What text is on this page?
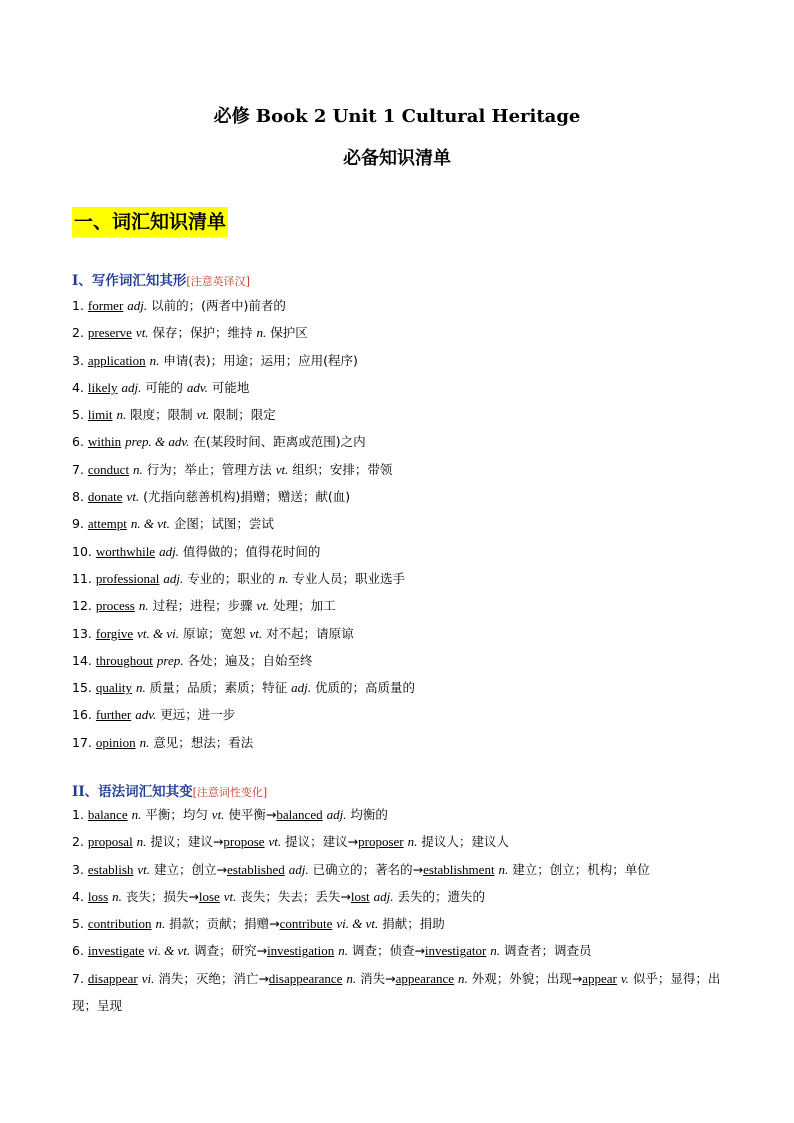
必修 Book 2 Unit 1 Cultural Heritage
必备知识清单
一、词汇知识清单
I、写作词汇知其形[注意英译汉]
1. former adj. 以前的；(两者中)前者的
2. preserve vt. 保存；保护；维持 n. 保护区
3. application n. 申请(表)；用途；运用；应用(程序)
4. likely adj. 可能的 adv. 可能地
5. limit n. 限度；限制 vt. 限制；限定
6. within prep. & adv. 在(某段时间、距离或范围)之内
7. conduct n. 行为；举止；管理方法 vt. 组织；安排；带领
8. donate vt. (尤指向慈善机构)捐赠；赠送；献(血)
9. attempt n. & vt. 企图；试图；尝试
10. worthwhile adj. 值得做的；值得花时间的
11. professional adj. 专业的；职业的 n. 专业人员；职业选手
12. process n. 过程；进程；步骤 vt. 处理；加工
13. forgive vt. & vi. 原谅；宽恕 vt. 对不起；请原谅
14. throughout prep. 各处；遍及；自始至终
15. quality n. 质量；品质；素质；特征 adj. 优质的；高质量的
16. further adv. 更远；进一步
17. opinion n. 意见；想法；看法
II、语法词汇知其变[注意词性变化]
1. balance n. 平衡；均匀 vt. 使平衡→balanced adj. 均衡的
2. proposal n. 提议；建议→propose vt. 提议；建议→proposer n. 提议人；建议人
3. establish vt. 建立；创立→established adj. 已确立的；著名的→establishment n. 建立；创立；机构；单位
4. loss n. 丧失；损失→lose vt. 丧失；失去；丢失→lost adj. 丢失的；遗失的
5. contribution n. 捐款；贡献；捐赠→contribute vi. & vt. 捐献；捐助
6. investigate vi. & vt. 调查；研究→investigation n. 调查；侦查→investigator n. 调查者；调查员
7. disappear vi. 消失；灭绝；消亡→disappearance n. 消失→appearance n. 外观；外貌；出现→appear v. 似乎；显得；出现；呈现
